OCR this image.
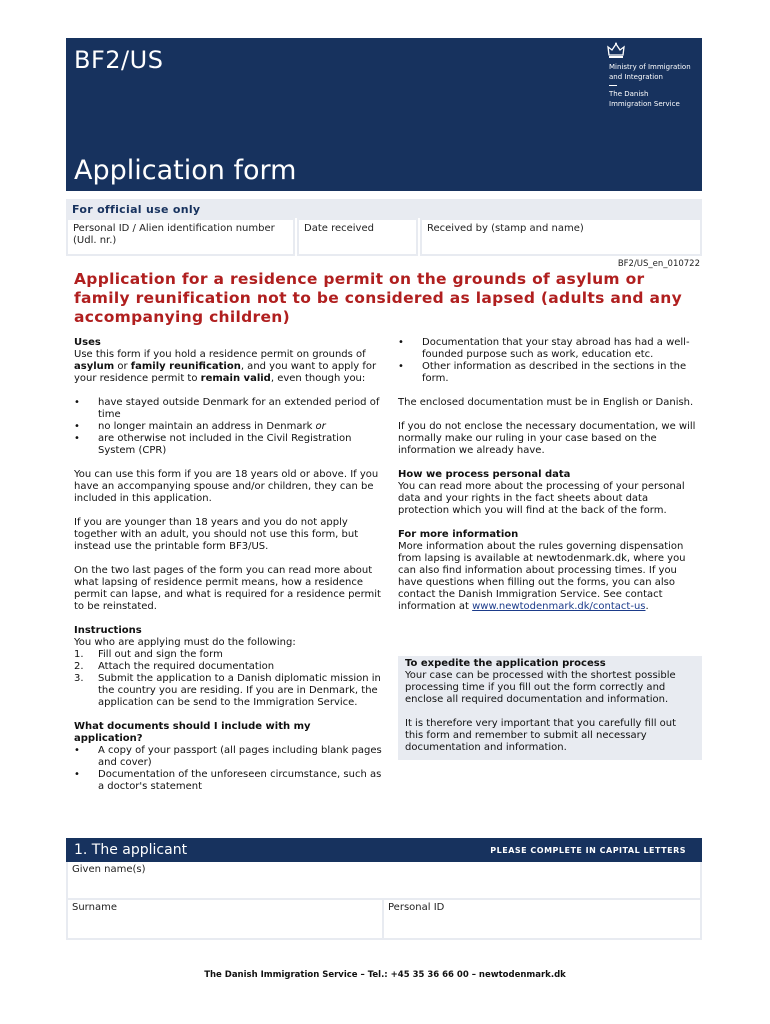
BF2/US
Application form
Ministry of Immigration
and Integration
The Danish
Immigration Service
For official use only
Personal ID / Alien identification number (Udl. nr.)
Date received	Received by (stamp and name)
BF2/US_en_010722
Application for a residence permit on the grounds of asylum or family reunification not to be considered as lapsed (adults and any accompanying children)

Uses

Use this form if you hold a residence permit on grounds of asylum or family reunification, and you want to apply for your residence permit to remain valid, even though you:

• have stayed outside Denmark for an extended period of time
• no longer maintain an address in Denmark or
• are otherwise not included in the Civil Registration System (CPR)

You can use this form if you are 18 years old or above. If you have an accompanying spouse and/or children, they can be included in this application.

If you are younger than 18 years and you do not apply together with an adult, you should not use this form, but instead use the printable form BF3/US.

On the two last pages of the form you can read more about what lapsing of residence permit means, how a residence permit can lapse, and what is required for a residence permit to be reinstated.

Instructions

You who are applying must do the following:

1. Fill out and sign the form
2. Attach the required documentation
3. Submit the application to a Danish diplomatic mission in the country you are residing. If you are in Denmark, the application can be send to the Immigration Service.

What documents should I include with my application?

• A copy of your passport (all pages including blank pages and cover)
• Documentation of the unforeseen circumstance, such as a doctor's statement
• Documentation that your stay abroad has had a well-founded purpose such as work, education etc.
• Other information as described in the sections in the form.

The enclosed documentation must be in English or Danish.

If you do not enclose the necessary documentation, we will normally make our ruling in your case based on the information we already have.

How we process personal data

You can read more about the processing of your personal data and your rights in the fact sheets about data protection which you will find at the back of the form.

For more information

More information about the rules governing dispensation from lapsing is available at newtodenmark.dk, where you can also find information about processing times. If you have questions when filling out the forms, you can also contact the Danish Immigration Service. See contact information at www.newtodenmark.dk/contact-us.

To expedite the application process

Your case can be processed with the shortest possible processing time if you fill out the form correctly and enclose all required documentation and information.

It is therefore very important that you carefully fill out this form and remember to submit all necessary documentation and information.

1. The applicant	PLEASE COMPLETE IN CAPITAL LETTERS
Given name(s)
Surname	Personal ID
The Danish Immigration Service – Tel.: +45 35 36 66 00 – newtodenmark.dk
